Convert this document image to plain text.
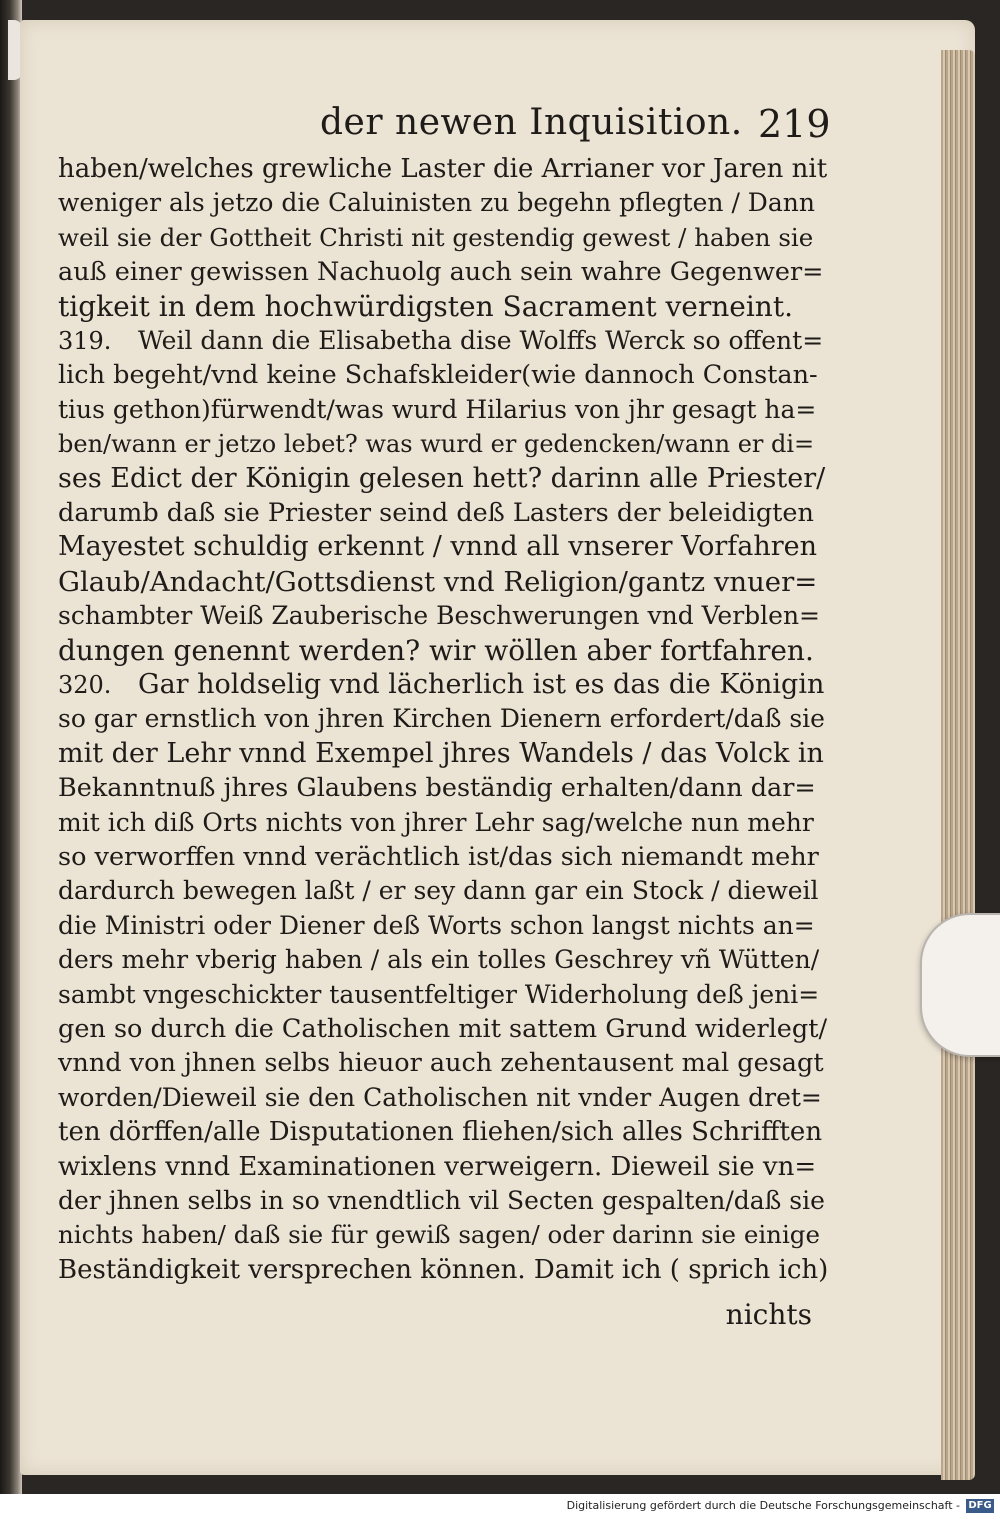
der newen Inquisition. 219
haben/welches grewliche Laster die Arrianer vor Jaren nit
weniger als jetzo die Caluinisten zu begehn pflegten / Dann
weil sie der Gottheit Christi nit gestendig gewest / haben sie
auß einer gewissen Nachuolg auch sein wahre Gegenwer=
tigkeit in dem hochwürdigsten Sacrament verneint.
319. Weil dann die Elisabetha dise Wolffs Werck so offent=
lich begeht/vnd keine Schafskleider(wie dannoch Constan-
tius gethon)fürwendt/was wurd Hilarius von jhr gesagt ha=
ben/wann er jetzo lebet? was wurd er gedencken/wann er di=
ses Edict der Königin gelesen hett? darinn alle Priester/
darumb daß sie Priester seind deß Lasters der beleidigten
Mayestet schuldig erkennt / vnnd all vnserer Vorfahren
Glaub/Andacht/Gottsdienst vnd Religion/gantz vnuer=
schambter Weiß Zauberische Beschwerungen vnd Verblen=
dungen genennt werden? wir wöllen aber fortfahren.
320. Gar holdselig vnd lächerlich ist es das die Königin
so gar ernstlich von jhren Kirchen Dienern erfordert/daß sie
mit der Lehr vnnd Exempel jhres Wandels / das Volck in
Bekanntnuß jhres Glaubens beständig erhalten/dann dar=
mit ich diß Orts nichts von jhrer Lehr sag/welche nun mehr
so verworffen vnnd verächtlich ist/das sich niemandt mehr
dardurch bewegen laßt / er sey dann gar ein Stock / dieweil
die Ministri oder Diener deß Worts schon langst nichts an=
ders mehr vberig haben / als ein tolles Geschrey vñ Wütten/
sambt vngeschickter tausentfeltiger Widerholung deß jeni=
gen so durch die Catholischen mit sattem Grund widerlegt/
vnnd von jhnen selbs hieuor auch zehentausent mal gesagt
worden/Dieweil sie den Catholischen nit vnder Augen dret=
ten dörffen/alle Disputationen fliehen/sich alles Schrifften
wixlens vnnd Examinationen verweigern. Dieweil sie vn=
der jhnen selbs in so vnendtlich vil Secten gespalten/daß sie
nichts haben/ daß sie für gewiß sagen/ oder darinn sie einige
Beständigkeit versprechen können. Damit ich ( sprich ich)
nichts
Digitalisierung gefördert durch die Deutsche Forschungsgemeinschaft - DFG
